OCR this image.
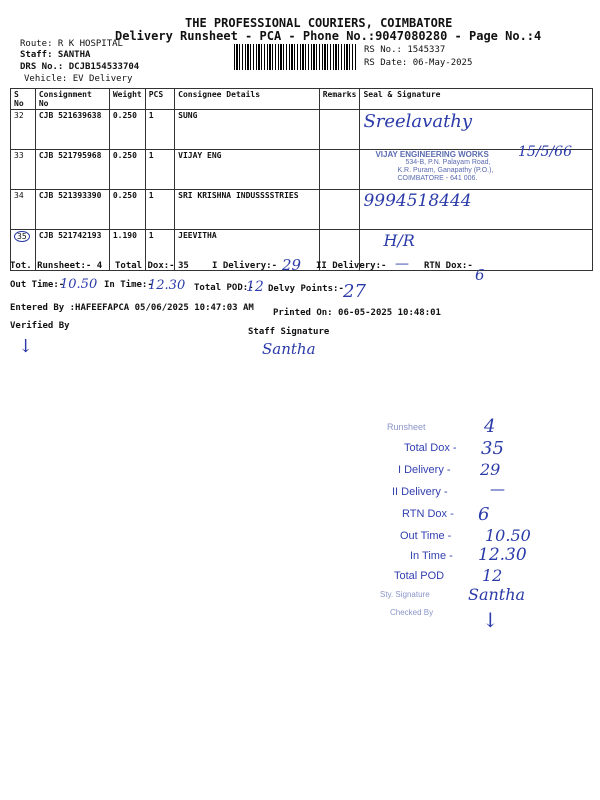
THE PROFESSIONAL COURIERS, COIMBATORE
Delivery Runsheet - PCA - Phone No.:9047080280 - Page No.:4
Route: R K HOSPITAL
Staff: SANTHA
DRS No.: DCJB154533704
Vehicle: EV Delivery
RS No.: 1545337
RS Date: 06-May-2025
S No	Consignment No	Weight	PCS	Consignee Details	Remarks	Seal & Signature
32	CJB 521639638	0.250	1	SUNG		Sreelavathy
33	CJB 521795968	0.250	1	VIJAY ENG		VIJAY ENGINEERING WORKS
534-B, P.N. Palayam Road,
K.R. Puram, Ganapathy (P.O.),
COIMBATORE - 641 006.
15/5/66

34	CJB 521393390	0.250	1	SRI KRISHNA INDUSSSSTRIES		9994518444
35	CJB 521742193	1.190	1	JEEVITHA		H/R
Tot. Runsheet:- 4 Total Dox:- 35	I Delivery:- 29 II Delivery:- — RTN Dox:- 6
Out Time:-
10.50 In Time:-
12.30 Total POD:-
12 Delvy Points:- 27
Entered By :HAFEEFAPCA 05/06/2025 10:47:03 AM Printed On: 06-05-2025 10:48:01
Verified By
↓
Staff Signature
Santha
Runsheet	4
Total Dox - 35
I Delivery - 29
II Delivery -	—
RTN Dox - 6
Out Time - 10.50
In Time - 12.30
Total POD 12
Sty. Signature Santha
Checked By ↓
